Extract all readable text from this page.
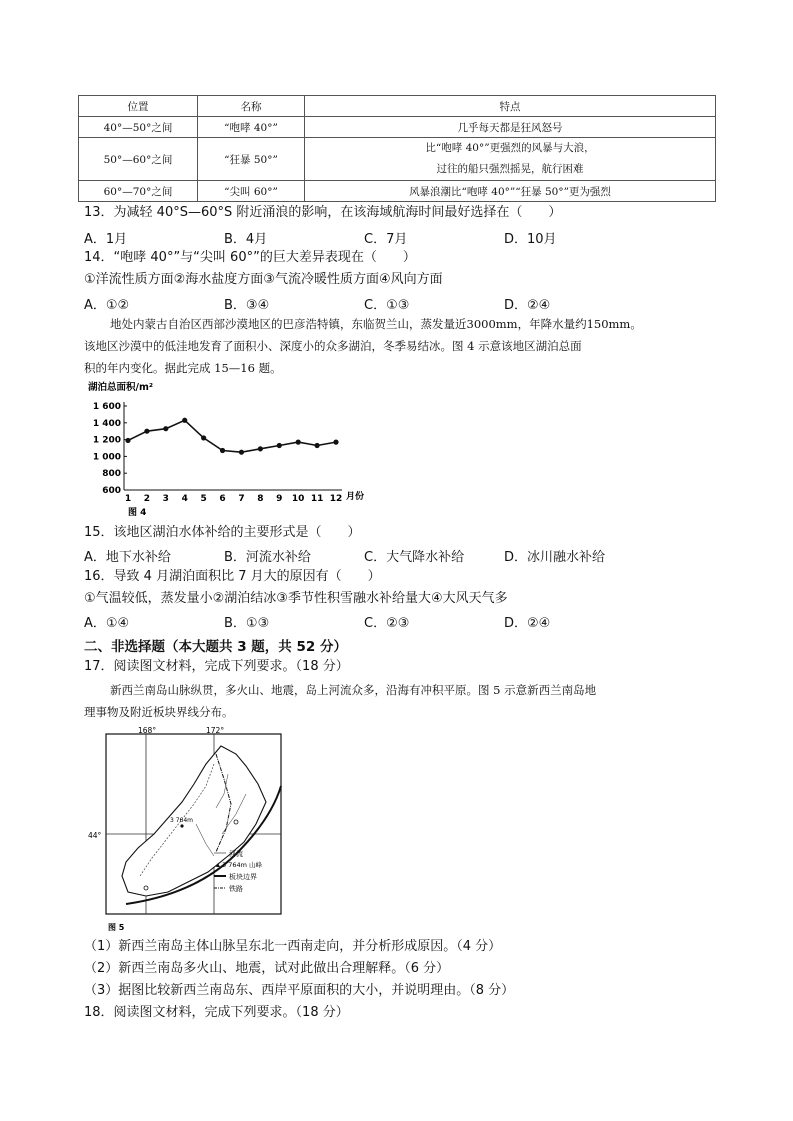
位置	名称	特点
40°—50°之间	“咆哮 40°”	几乎每天都是狂风怒号
50°—60°之间	“狂暴 50°”	比“咆哮 40°”更强烈的风暴与大浪，
过往的船只强烈摇晃，航行困难

60°—70°之间	“尖叫 60°”	风暴浪潮比“咆哮 40°”“狂暴 50°”更为强烈
13．为减轻 40°S—60°S 附近涌浪的影响，在该海域航海时间最好选择在（　　）
A．1月	B．4月	C．7月	D．10月
14．“咆哮 40°”与“尖叫 60°”的巨大差异表现在（　　）
①洋流性质方面②海水盐度方面③气流冷暖性质方面④风向方面
A．①②	B．③④	C．①③	D．②④
地处内蒙古自治区西部沙漠地区的巴彦浩特镇，东临贺兰山，蒸发量近3000mm，年降水量约150mm。
该地区沙漠中的低洼地发育了面积小、深度小的众多湖泊，冬季易结冰。图 4 示意该地区湖泊总面
积的年内变化。据此完成 15—16 题。
湖泊总面积/m²
600
800
1 000
1 200
1 400
1 600
1 2 3 4 5 6 7 8 9 10 11 12 月份
图 4
15．该地区湖泊水体补给的主要形式是（　　）
A．地下水补给	B．河流水补给	C．大气降水补给	D．冰川融水补给
16．导致 4 月湖泊面积比 7 月大的原因有（　　）
①气温较低，蒸发量小②湖泊结冰③季节性积雪融水补给量大④大风天气多
A．①④	B．①③	C．②③	D．②④
二、非选择题（本大题共 3 题，共 52 分）
17．阅读图文材料，完成下列要求。（18 分）
新西兰南岛山脉纵贯，多火山、地震，岛上河流众多，沿海有冲积平原。图 5 示意新西兰南岛地
理事物及附近板块界线分布。
168°	172°
44°
3 764m
河流
3 764m 山峰
板块边界
铁路
图 5
（1）新西兰南岛主体山脉呈东北一西南走向，并分析形成原因。（4 分）
（2）新西兰南岛多火山、地震，试对此做出合理解释。（6 分）
（3）据图比较新西兰南岛东、西岸平原面积的大小，并说明理由。（8 分）
18．阅读图文材料，完成下列要求。（18 分）
